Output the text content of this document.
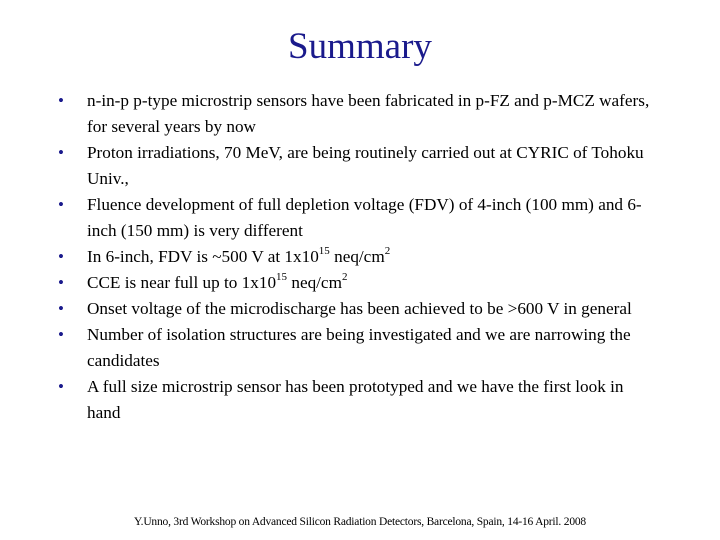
Summary
• n-in-p p-type microstrip sensors have been fabricated in p-FZ and p-MCZ wafers, for several years by now
• Proton irradiations, 70 MeV, are being routinely carried out at CYRIC of Tohoku Univ.,
• Fluence development of full depletion voltage (FDV) of 4-inch (100 mm) and 6-inch (150 mm) is very different
• In 6-inch, FDV is ~500 V at $1x10^{15}$ neq/$cm^2$
• CCE is near full up to $1x10^{15}$ neq/$cm^2$
• Onset voltage of the microdischarge has been achieved to be >600 V in general
• Number of isolation structures are being investigated and we are narrowing the candidates
• A full size microstrip sensor has been prototyped and we have the first look in hand
Y.Unno, 3rd Workshop on Advanced Silicon Radiation Detectors, Barcelona, Spain, 14-16 April. 2008
